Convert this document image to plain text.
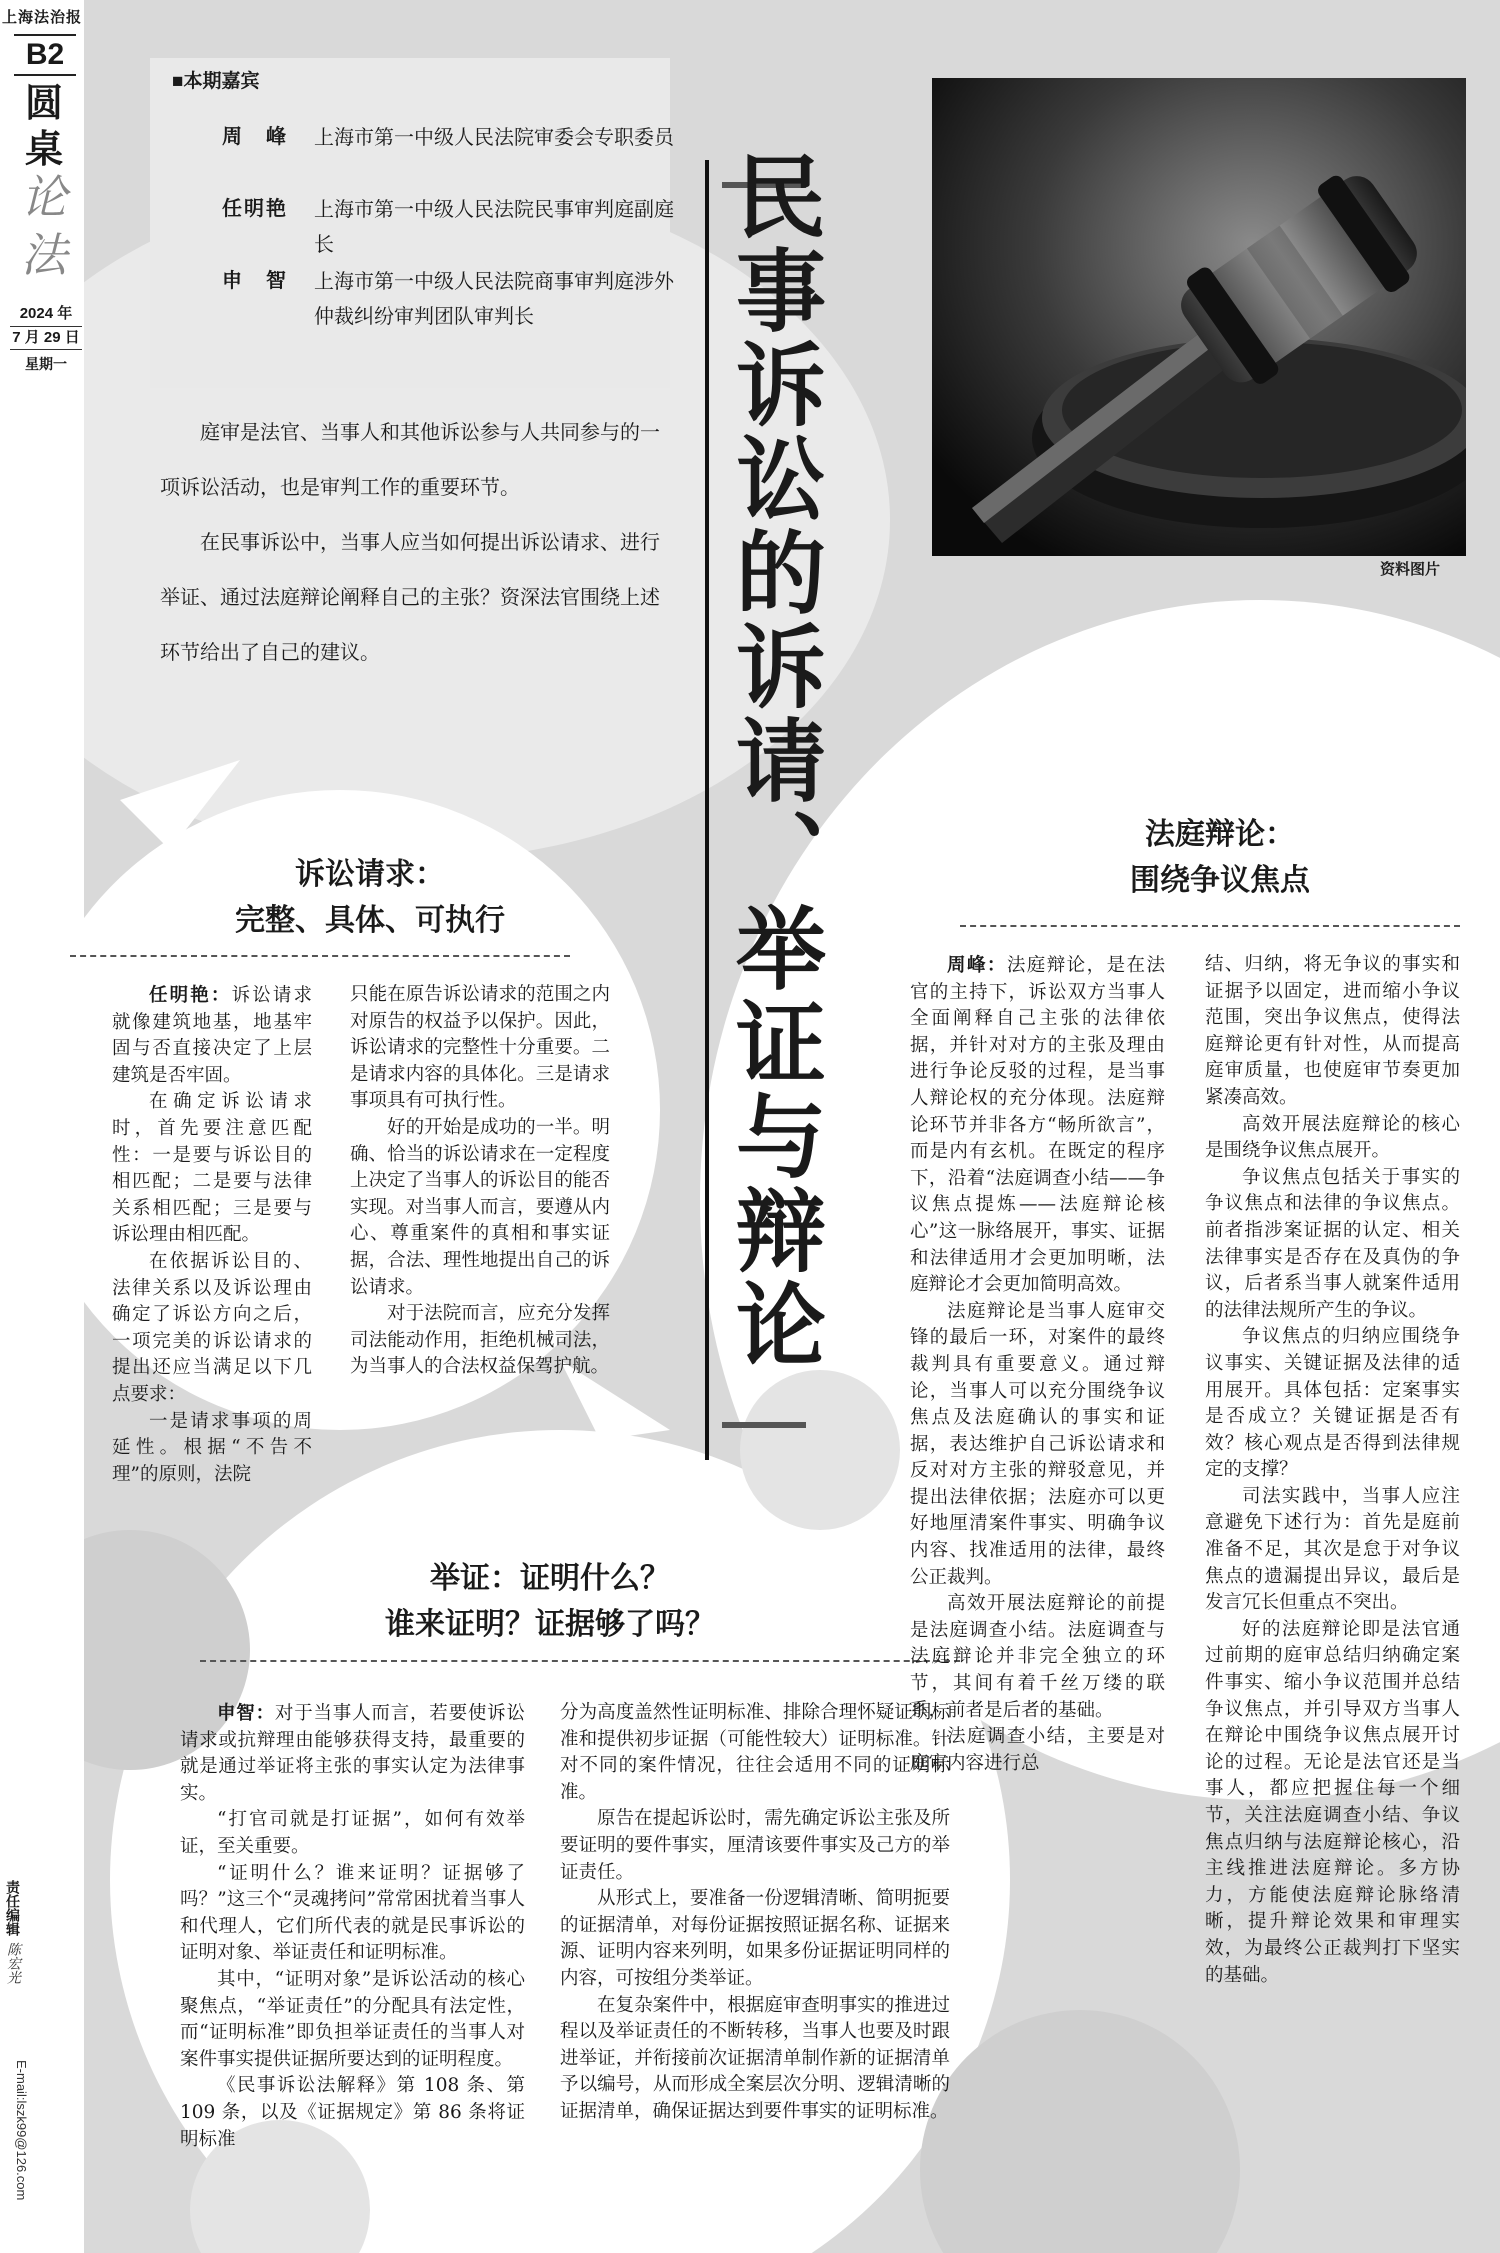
上海法治报
B2
圆桌
论法
2024 年
7 月 29 日
星期一
责任编辑
陈宏光
E-mail:lszk99@126.com
■本期嘉宾
周　峰	上海市第一中级人民法院审委会专职委员
任明艳	上海市第一中级人民法院民事审判庭副庭长
申　智	上海市第一中级人民法院商事审判庭涉外仲裁纠纷审判团队审判长

庭审是法官、当事人和其他诉讼参与人共同参与的一项诉讼活动，也是审判工作的重要环节。

在民事诉讼中，当事人应当如何提出诉讼请求、进行举证、通过法庭辩论阐释自己的主张？资深法官围绕上述环节给出了自己的建议。

资料图片
民事诉讼的诉请、举证与辩论
诉讼请求：
完整、具体、可执行

任明艳：诉讼请求就像建筑地基，地基牢固与否直接决定了上层建筑是否牢固。

在确定诉讼请求时，首先要注意匹配性：一是要与诉讼目的相匹配；二是要与法律关系相匹配；三是要与诉讼理由相匹配。

在依据诉讼目的、法律关系以及诉讼理由确定了诉讼方向之后，一项完美的诉讼请求的提出还应当满足以下几点要求：

一是请求事项的周延性。根据“不告不理”的原则，法院

只能在原告诉讼请求的范围之内对原告的权益予以保护。因此，诉讼请求的完整性十分重要。二是请求内容的具体化。三是请求事项具有可执行性。

好的开始是成功的一半。明确、恰当的诉讼请求在一定程度上决定了当事人的诉讼目的能否实现。对当事人而言，要遵从内心、尊重案件的真相和事实证据，合法、理性地提出自己的诉讼请求。

对于法院而言，应充分发挥司法能动作用，拒绝机械司法，为当事人的合法权益保驾护航。

举证：证明什么？
谁来证明？证据够了吗？

申智：对于当事人而言，若要使诉讼请求或抗辩理由能够获得支持，最重要的就是通过举证将主张的事实认定为法律事实。

“打官司就是打证据”，如何有效举证，至关重要。

“证明什么？谁来证明？证据够了吗？”这三个“灵魂拷问”常常困扰着当事人和代理人，它们所代表的就是民事诉讼的证明对象、举证责任和证明标准。

其中，“证明对象”是诉讼活动的核心聚焦点，“举证责任”的分配具有法定性，而“证明标准”即负担举证责任的当事人对案件事实提供证据所要达到的证明程度。

《民事诉讼法解释》第 108 条、第 109 条，以及《证据规定》第 86 条将证明标准

分为高度盖然性证明标准、排除合理怀疑证明标准和提供初步证据（可能性较大）证明标准。针对不同的案件情况，往往会适用不同的证明标准。

原告在提起诉讼时，需先确定诉讼主张及所要证明的要件事实，厘清该要件事实及己方的举证责任。

从形式上，要准备一份逻辑清晰、简明扼要的证据清单，对每份证据按照证据名称、证据来源、证明内容来列明，如果多份证据证明同样的内容，可按组分类举证。

在复杂案件中，根据庭审查明事实的推进过程以及举证责任的不断转移，当事人也要及时跟进举证，并衔接前次证据清单制作新的证据清单予以编号，从而形成全案层次分明、逻辑清晰的证据清单，确保证据达到要件事实的证明标准。

法庭辩论：
围绕争议焦点

周峰：法庭辩论，是在法官的主持下，诉讼双方当事人全面阐释自己主张的法律依据，并针对对方的主张及理由进行争论反驳的过程，是当事人辩论权的充分体现。法庭辩论环节并非各方“畅所欲言”，而是内有玄机。在既定的程序下，沿着“法庭调查小结——争议焦点提炼——法庭辩论核心”这一脉络展开，事实、证据和法律适用才会更加明晰，法庭辩论才会更加简明高效。

法庭辩论是当事人庭审交锋的最后一环，对案件的最终裁判具有重要意义。通过辩论，当事人可以充分围绕争议焦点及法庭确认的事实和证据，表达维护自己诉讼请求和反对对方主张的辩驳意见，并提出法律依据；法庭亦可以更好地厘清案件事实、明确争议内容、找准适用的法律，最终公正裁判。

高效开展法庭辩论的前提是法庭调查小结。法庭调查与法庭辩论并非完全独立的环节，其间有着千丝万缕的联系，前者是后者的基础。

法庭调查小结，主要是对庭审内容进行总

结、归纳，将无争议的事实和证据予以固定，进而缩小争议范围，突出争议焦点，使得法庭辩论更有针对性，从而提高庭审质量，也使庭审节奏更加紧凑高效。

高效开展法庭辩论的核心是围绕争议焦点展开。

争议焦点包括关于事实的争议焦点和法律的争议焦点。前者指涉案证据的认定、相关法律事实是否存在及真伪的争议，后者系当事人就案件适用的法律法规所产生的争议。

争议焦点的归纳应围绕争议事实、关键证据及法律的适用展开。具体包括：定案事实是否成立？关键证据是否有效？核心观点是否得到法律规定的支撑？

司法实践中，当事人应注意避免下述行为：首先是庭前准备不足，其次是怠于对争议焦点的遗漏提出异议，最后是发言冗长但重点不突出。

好的法庭辩论即是法官通过前期的庭审总结归纳确定案件事实、缩小争议范围并总结争议焦点，并引导双方当事人在辩论中围绕争议焦点展开讨论的过程。无论是法官还是当事人，都应把握住每一个细节，关注法庭调查小结、争议焦点归纳与法庭辩论核心，沿主线推进法庭辩论。多方协力，方能使法庭辩论脉络清晰，提升辩论效果和审理实效，为最终公正裁判打下坚实的基础。
